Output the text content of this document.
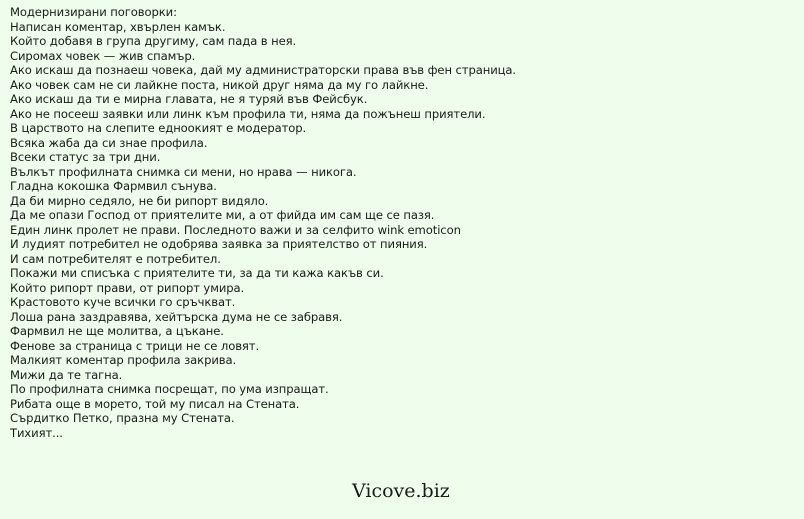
Модернизирани поговорки:
Написан коментар, хвърлен камък.
Който добавя в група другиму, сам пада в нея.
Сиромах човек — жив спамър.
Ако искаш да познаеш човека, дай му администраторски права във фен страница.
Ако човек сам не си лайкне поста, никой друг няма да му го лайкне.
Ако искаш да ти е мирна главата, не я туряй във Фейсбук.
Ако не посееш заявки или линк към профила ти, няма да пожънеш приятели.
В царството на слепите едноокият е модератор.
Всяка жаба да си знае профила.
Всеки статус за три дни.
Вълкът профилната снимка си мени, но нрава — никога.
Гладна кокошка Фармвил сънува.
Да би мирно седяло, не би рипорт видяло.
Да ме опази Господ от приятелите ми, а от фийда им сам ще се пазя.
Един линк пролет не прави. Последното важи и за селфито wink emoticon
И лудият потребител не одобрява заявка за приятелство от пияния.
И сам потребителят е потребител.
Покажи ми списъка с приятелите ти, за да ти кажа какъв си.
Който рипорт прави, от рипорт умира.
Крастовото куче всички го сръчкват.
Лоша рана заздравява, хейтърска дума не се забравя.
Фармвил не ще молитва, а цъкане.
Фенове за страница с трици не се ловят.
Малкият коментар профила закрива.
Мижи да те тагна.
По профилната снимка посрещат, по ума изпращат.
Рибата още в морето, той му писал на Стената.
Сърдитко Петко, празна му Стената.
Тихият...
Vicove.biz
